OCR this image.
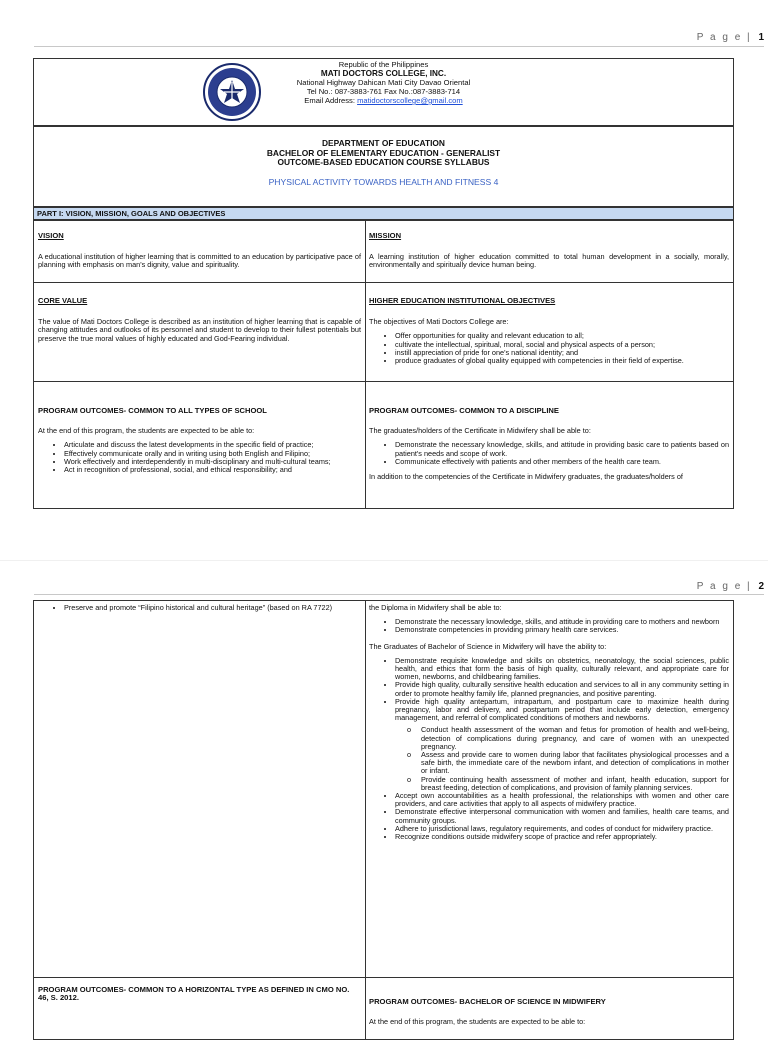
P a g e | 1
Republic of the Philippines
MATI DOCTORS COLLEGE, INC.
National Highway Dahican Mati City Davao Oriental
Tel No.: 087-3883-761 Fax No.:087-3883-714
Email Address: matidoctorscollege@gmail.com
DEPARTMENT OF EDUCATION
BACHELOR OF ELEMENTARY EDUCATION - GENERALIST
OUTCOME-BASED EDUCATION COURSE SYLLABUS
PHYSICAL ACTIVITY TOWARDS HEALTH AND FITNESS 4
PART I: VISION, MISSION, GOALS AND OBJECTIVES
VISION

A educational institution of higher learning that is committed to an education by participative pace of planning with emphasis on man's dignity, value and spirituality.

MISSION

A learning institution of higher education committed to total human development in a socially, morally, environmentally and spiritually device human being.

CORE VALUE

The value of Mati Doctors College is described as an institution of higher learning that is capable of changing attitudes and outlooks of its personnel and student to develop to their fullest potentials but preserve the true moral values of highly educated and God-Fearing individual.

HIGHER EDUCATION INSTITUTIONAL OBJECTIVES

The objectives of Mati Doctors College are:

• Offer opportunities for quality and relevant education to all;
• cultivate the intellectual, spiritual, moral, social and physical aspects of a person;
• instill appreciation of pride for one's national identity; and
• produce graduates of global quality equipped with competencies in their field of expertise.
PROGRAM OUTCOMES- COMMON TO ALL TYPES OF SCHOOL

At the end of this program, the students are expected to be able to:

• Articulate and discuss the latest developments in the specific field of practice;
• Effectively communicate orally and in writing using both English and Filipino;
• Work effectively and interdependently in multi-disciplinary and multi-cultural teams;
• Act in recognition of professional, social, and ethical responsibility; and
PROGRAM OUTCOMES- COMMON TO A DISCIPLINE

The graduates/holders of the Certificate in Midwifery shall be able to:

• Demonstrate the necessary knowledge, skills, and attitude in providing basic care to patients based on patient's needs and scope of work.
• Communicate effectively with patients and other members of the health care team.

In addition to the competencies of the Certificate in Midwifery graduates, the graduates/holders of

P a g e | 2
• Preserve and promote “Filipino historical and cultural heritage” (based on RA 7722)	the Diploma in Midwifery shall be able to:

• Demonstrate the necessary knowledge, skills, and attitude in providing care to mothers and newborn
• Demonstrate competencies in providing primary health care services.

The Graduates of Bachelor of Science in Midwifery will have the ability to:

• Demonstrate requisite knowledge and skills on obstetrics, neonatology, the social sciences, public health, and ethics that form the basis of high quality, culturally relevant, and appropriate care for women, newborns, and childbearing families.
• Provide high quality, culturally sensitive health education and services to all in any community setting in order to promote healthy family life, planned pregnancies, and positive parenting.
• Provide high quality antepartum, intrapartum, and postpartum care to maximize health during pregnancy, labor and delivery, and postpartum period that include early detection, emergency management, and referral of complicated conditions of mothers and newborns.
o Conduct health assessment of the woman and fetus for promotion of health and well-being, detection of complications during pregnancy, and care of women with an unexpected pregnancy.
o Assess and provide care to women during labor that facilitates physiological processes and a safe birth, the immediate care of the newborn infant, and detection of complications in mother or infant.
o Provide continuing health assessment of mother and infant, health education, support for breast feeding, detection of complications, and provision of family planning services.
• Accept own accountabilities as a health professional, the relationships with women and other care providers, and care activities that apply to all aspects of midwifery practice.
• Demonstrate effective interpersonal communication with women and families, health care teams, and community groups.
• Adhere to jurisdictional laws, regulatory requirements, and codes of conduct for midwifery practice.
• Recognize conditions outside midwifery scope of practice and refer appropriately.
PROGRAM OUTCOMES- COMMON TO A HORIZONTAL TYPE AS DEFINED IN CMO NO. 46, S. 2012.	PROGRAM OUTCOMES- BACHELOR OF SCIENCE IN MIDWIFERY

At the end of this program, the students are expected to be able to:
